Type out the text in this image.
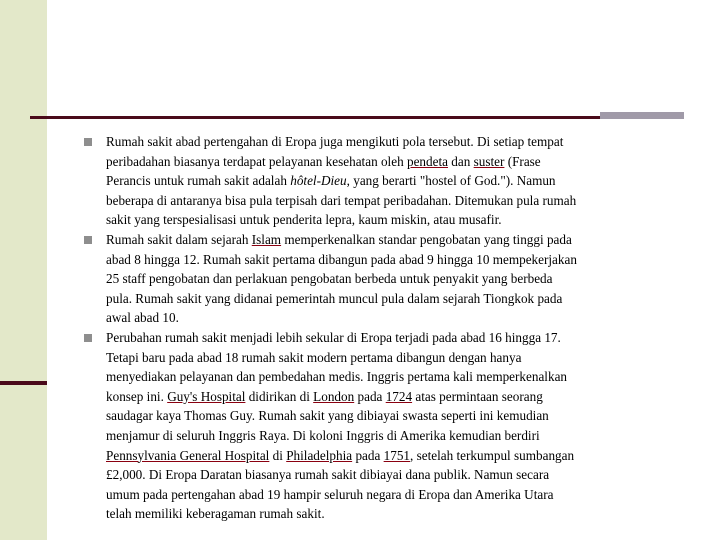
Rumah sakit abad pertengahan di Eropa juga mengikuti pola tersebut. Di setiap tempat
peribadahan biasanya terdapat pelayanan kesehatan oleh pendeta dan suster (Frase
Perancis untuk rumah sakit adalah hôtel-Dieu, yang berarti "hostel of God."). Namun
beberapa di antaranya bisa pula terpisah dari tempat peribadahan. Ditemukan pula rumah
sakit yang terspesialisasi untuk penderita lepra, kaum miskin, atau musafir.
Rumah sakit dalam sejarah Islam memperkenalkan standar pengobatan yang tinggi pada
abad 8 hingga 12. Rumah sakit pertama dibangun pada abad 9 hingga 10 mempekerjakan
25 staff pengobatan dan perlakuan pengobatan berbeda untuk penyakit yang berbeda
pula. Rumah sakit yang didanai pemerintah muncul pula dalam sejarah Tiongkok pada
awal abad 10.
Perubahan rumah sakit menjadi lebih sekular di Eropa terjadi pada abad 16 hingga 17.
Tetapi baru pada abad 18 rumah sakit modern pertama dibangun dengan hanya
menyediakan pelayanan dan pembedahan medis. Inggris pertama kali memperkenalkan
konsep ini. Guy's Hospital didirikan di London pada 1724 atas permintaan seorang
saudagar kaya Thomas Guy. Rumah sakit yang dibiayai swasta seperti ini kemudian
menjamur di seluruh Inggris Raya. Di koloni Inggris di Amerika kemudian berdiri
Pennsylvania General Hospital di Philadelphia pada 1751, setelah terkumpul sumbangan
£2,000. Di Eropa Daratan biasanya rumah sakit dibiayai dana publik. Namun secara
umum pada pertengahan abad 19 hampir seluruh negara di Eropa dan Amerika Utara
telah memiliki keberagaman rumah sakit.
